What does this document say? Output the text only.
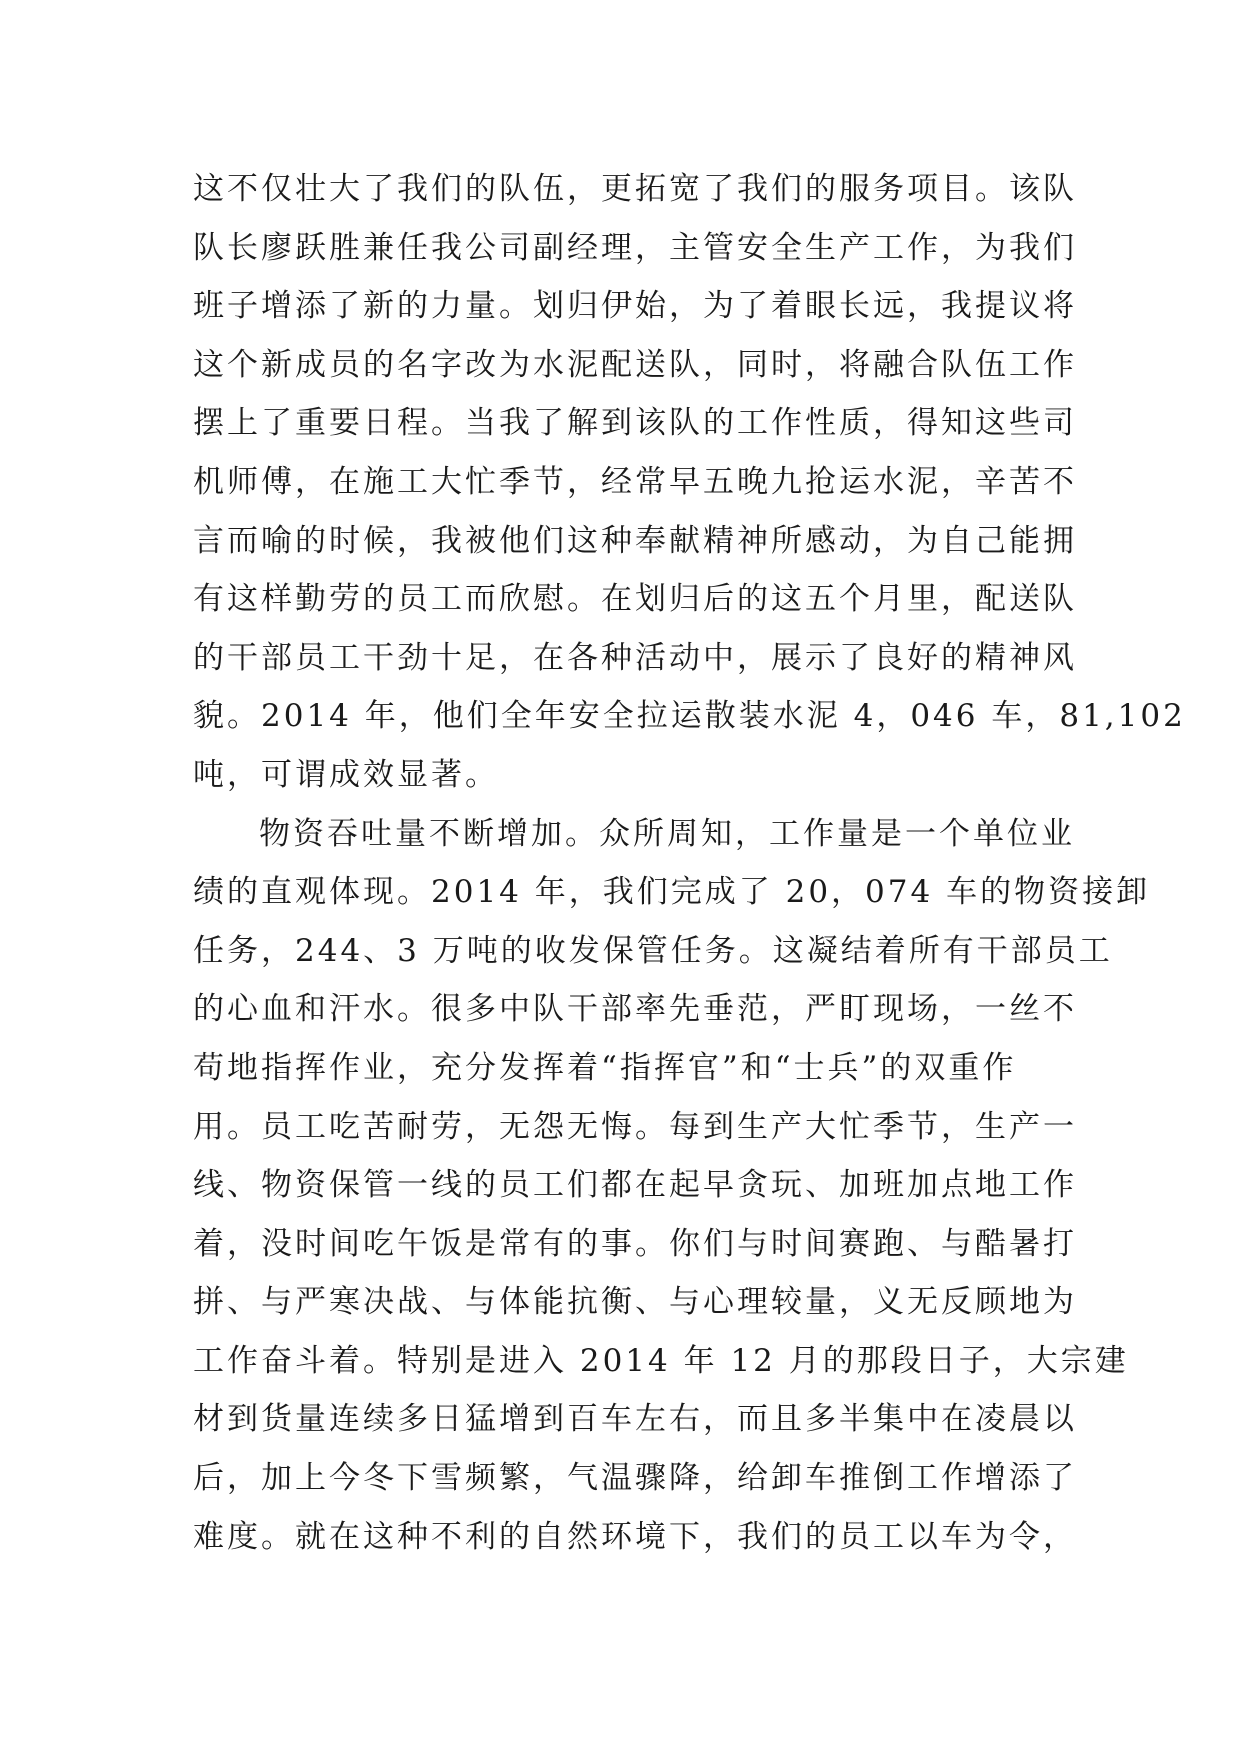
这不仅壮大了我们的队伍，更拓宽了我们的服务项目。该队
队长廖跃胜兼任我公司副经理，主管安全生产工作，为我们
班子增添了新的力量。划归伊始，为了着眼长远，我提议将
这个新成员的名字改为水泥配送队，同时，将融合队伍工作
摆上了重要日程。当我了解到该队的工作性质，得知这些司
机师傅，在施工大忙季节，经常早五晚九抢运水泥，辛苦不
言而喻的时候，我被他们这种奉献精神所感动，为自己能拥
有这样勤劳的员工而欣慰。在划归后的这五个月里，配送队
的干部员工干劲十足，在各种活动中，展示了良好的精神风
貌。2014 年，他们全年安全拉运散装水泥 4，046 车，81,102
吨，可谓成效显著。
物资吞吐量不断增加。众所周知，工作量是一个单位业
绩的直观体现。2014 年，我们完成了 20，074 车的物资接卸
任务，244、3 万吨的收发保管任务。这凝结着所有干部员工
的心血和汗水。很多中队干部率先垂范，严盯现场，一丝不
苟地指挥作业，充分发挥着“指挥官”和“士兵”的双重作
用。员工吃苦耐劳，无怨无悔。每到生产大忙季节，生产一
线、物资保管一线的员工们都在起早贪玩、加班加点地工作
着，没时间吃午饭是常有的事。你们与时间赛跑、与酷暑打
拼、与严寒决战、与体能抗衡、与心理较量，义无反顾地为
工作奋斗着。特别是进入 2014 年 12 月的那段日子，大宗建
材到货量连续多日猛增到百车左右，而且多半集中在凌晨以
后，加上今冬下雪频繁，气温骤降，给卸车推倒工作增添了
难度。就在这种不利的自然环境下，我们的员工以车为令，
